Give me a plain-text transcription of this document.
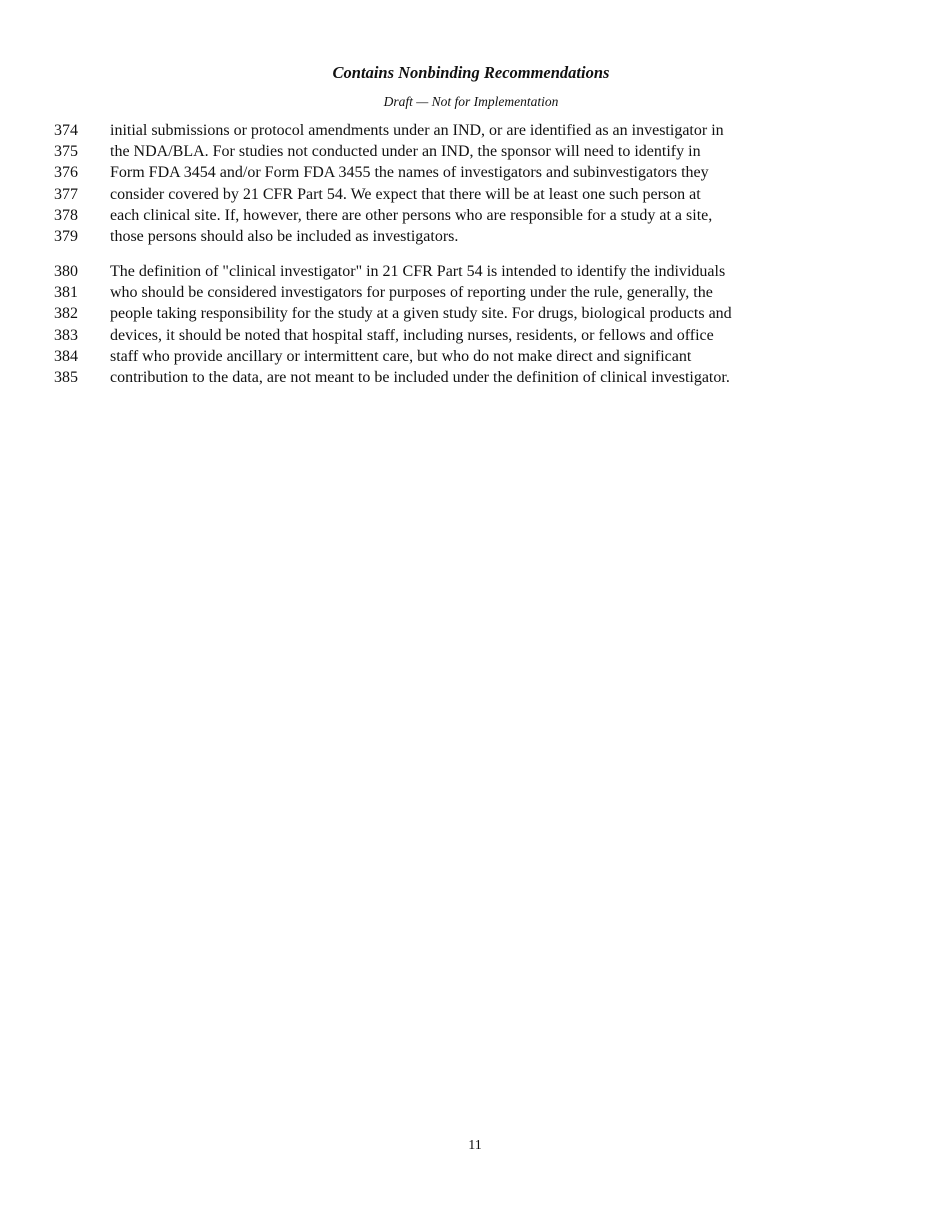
Contains Nonbinding Recommendations
Draft — Not for Implementation
374	initial submissions or protocol amendments under an IND, or are identified as an investigator in
375	the NDA/BLA. For studies not conducted under an IND, the sponsor will need to identify in
376	Form FDA 3454 and/or Form FDA 3455 the names of investigators and subinvestigators they
377	consider covered by 21 CFR Part 54. We expect that there will be at least one such person at
378	each clinical site. If, however, there are other persons who are responsible for a study at a site,
379	those persons should also be included as investigators.
380	The definition of "clinical investigator" in 21 CFR Part 54 is intended to identify the individuals
381	who should be considered investigators for purposes of reporting under the rule, generally, the
382	people taking responsibility for the study at a given study site. For drugs, biological products and
383	devices, it should be noted that hospital staff, including nurses, residents, or fellows and office
384	staff who provide ancillary or intermittent care, but who do not make direct and significant
385	contribution to the data, are not meant to be included under the definition of clinical investigator.
11
